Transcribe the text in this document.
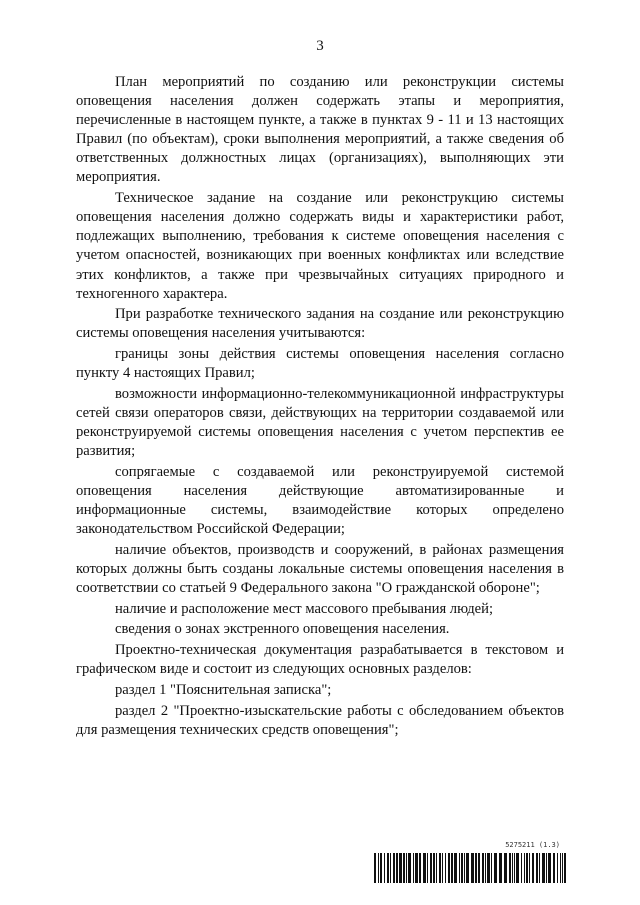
3

План мероприятий по созданию или реконструкции системы оповещения населения должен содержать этапы и мероприятия, перечисленные в настоящем пункте, а также в пунктах 9 - 11 и 13 настоящих Правил (по объектам), сроки выполнения мероприятий, а также сведения об ответственных должностных лицах (организациях), выполняющих эти мероприятия.

Техническое задание на создание или реконструкцию системы оповещения населения должно содержать виды и характеристики работ, подлежащих выполнению, требования к системе оповещения населения с учетом опасностей, возникающих при военных конфликтах или вследствие этих конфликтов, а также при чрезвычайных ситуациях природного и техногенного характера.

При разработке технического задания на создание или реконструкцию системы оповещения населения учитываются:

границы зоны действия системы оповещения населения согласно пункту 4 настоящих Правил;

возможности информационно-телекоммуникационной инфраструктуры сетей связи операторов связи, действующих на территории создаваемой или реконструируемой системы оповещения населения с учетом перспектив ее развития;

сопрягаемые с создаваемой или реконструируемой системой оповещения населения действующие автоматизированные и информационные системы, взаимодействие которых определено законодательством Российской Федерации;

наличие объектов, производств и сооружений, в районах размещения которых должны быть созданы локальные системы оповещения населения в соответствии со статьей 9 Федерального закона "О гражданской обороне";

наличие и расположение мест массового пребывания людей;

сведения о зонах экстренного оповещения населения.

Проектно-техническая документация разрабатывается в текстовом и графическом виде и состоит из следующих основных разделов:

раздел 1 "Пояснительная записка";

раздел 2 "Проектно-изыскательские работы с обследованием объектов для размещения технических средств оповещения";

5275211 (1.3)
